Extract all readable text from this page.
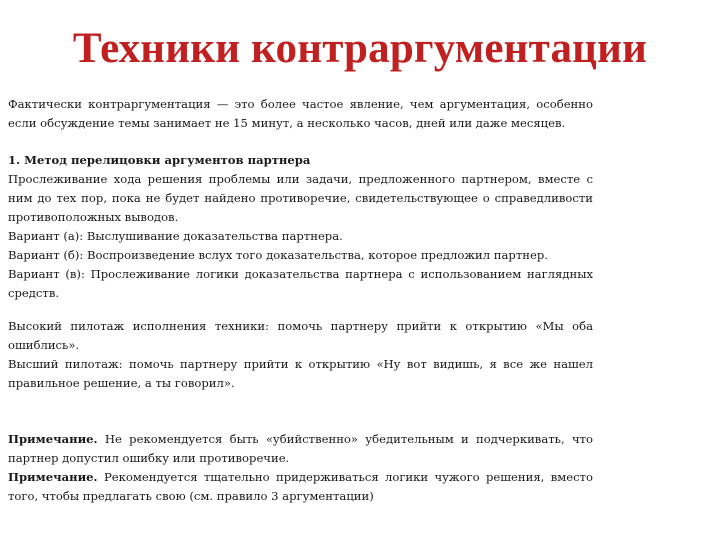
Техники контраргументации

Фактически контраргументация — это более частое явление, чем аргументация, особенно если обсуждение темы занимает не 15 минут, а несколько часов, дней или даже месяцев.

1. Метод перелицовки аргументов партнера

Прослеживание хода решения проблемы или задачи, предложенного партнером, вместе с ним до тех пор, пока не будет найдено противоречие, свидетельствующее о справедливости противоположных выводов.

Вариант (а): Выслушивание доказательства партнера.

Вариант (б): Воспроизведение вслух того доказательства, которое предложил партнер.

Вариант (в): Прослеживание логики доказательства партнера с использованием наглядных средств.

Высокий пилотаж исполнения техники: помочь партнеру прийти к открытию «Мы оба ошиблись».

Высший пилотаж: помочь партнеру прийти к открытию «Ну вот видишь, я все же нашел правильное решение, а ты говорил».

Примечание. Не рекомендуется быть «убийственно» убедительным и подчеркивать, что партнер допустил ошибку или противоречие.

Примечание. Рекомендуется тщательно придерживаться логики чужого решения, вместо того, чтобы предлагать свою (см. правило 3 аргументации)
